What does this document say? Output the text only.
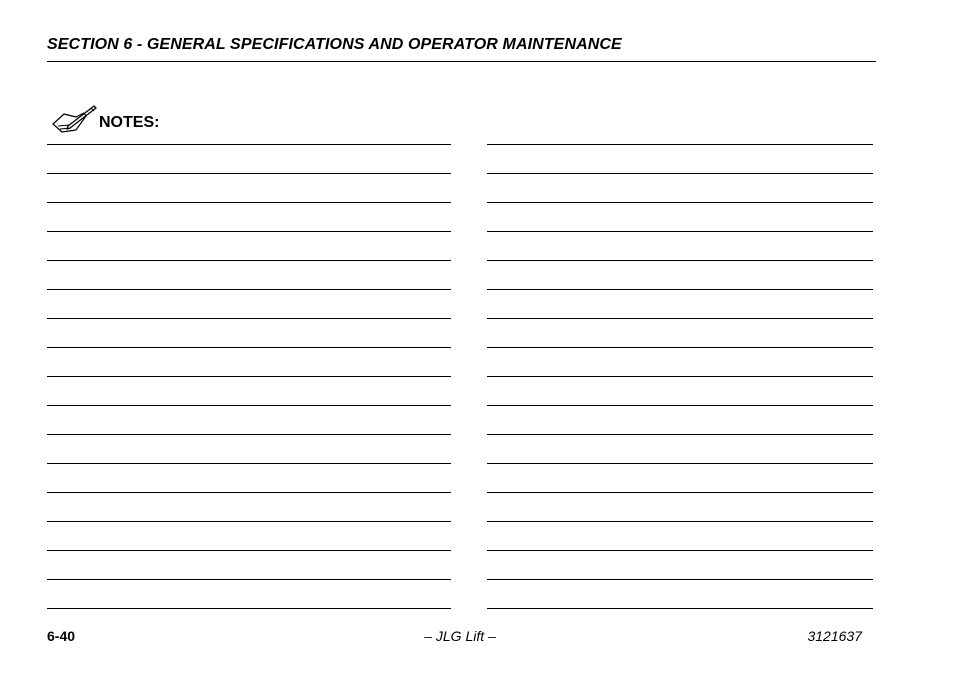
SECTION 6 - GENERAL SPECIFICATIONS AND OPERATOR MAINTENANCE
NOTES:
6-40	– JLG Lift –	3121637
